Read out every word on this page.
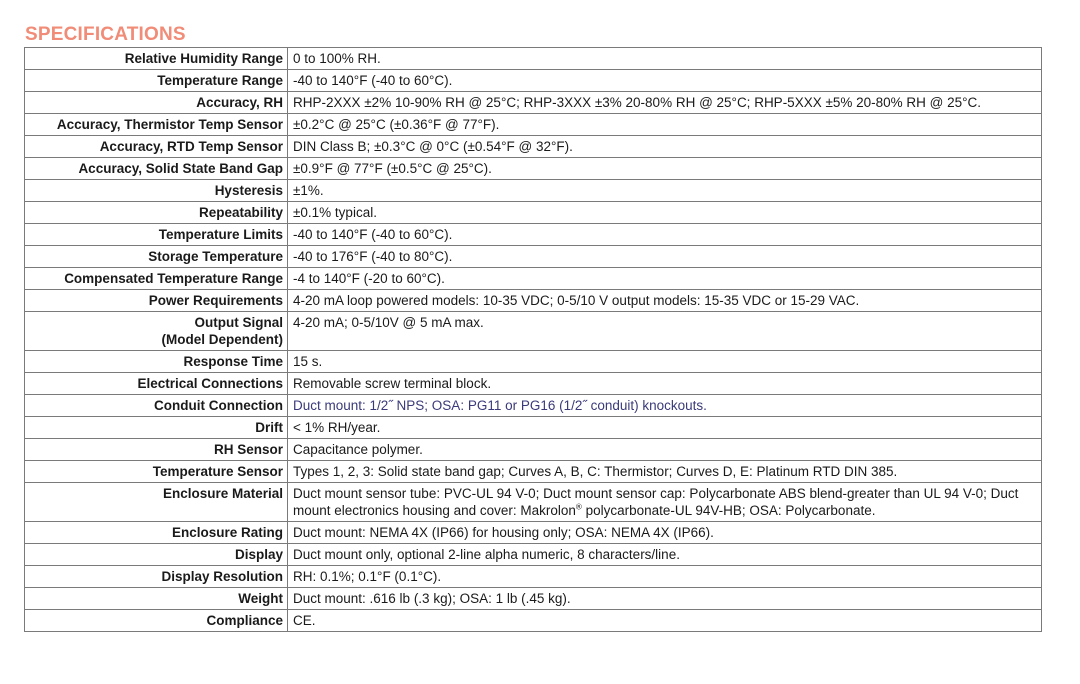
SPECIFICATIONS
Relative Humidity Range	0 to 100% RH.
Temperature Range	-40 to 140°F (-40 to 60°C).
Accuracy, RH	RHP-2XXX ±2% 10-90% RH @ 25°C; RHP-3XXX ±3% 20-80% RH @ 25°C; RHP-5XXX ±5% 20-80% RH @ 25°C.
Accuracy, Thermistor Temp Sensor	±0.2°C @ 25°C (±0.36°F @ 77°F).
Accuracy, RTD Temp Sensor	DIN Class B; ±0.3°C @ 0°C (±0.54°F @ 32°F).
Accuracy, Solid State Band Gap	±0.9°F @ 77°F (±0.5°C @ 25°C).
Hysteresis	±1%.
Repeatability	±0.1% typical.
Temperature Limits	-40 to 140°F (-40 to 60°C).
Storage Temperature	-40 to 176°F (-40 to 80°C).
Compensated Temperature Range	-4 to 140°F (-20 to 60°C).
Power Requirements	4-20 mA loop powered models: 10-35 VDC; 0-5/10 V output models: 15-35 VDC or 15-29 VAC.
Output Signal
(Model Dependent)	4-20 mA; 0-5/10V @ 5 mA max.
Response Time	15 s.
Electrical Connections	Removable screw terminal block.
Conduit Connection	Duct mount: 1/2˝ NPS; OSA: PG11 or PG16 (1/2˝ conduit) knockouts.
Drift	< 1% RH/year.
RH Sensor	Capacitance polymer.
Temperature Sensor	Types 1, 2, 3: Solid state band gap; Curves A, B, C: Thermistor; Curves D, E: Platinum RTD DIN 385.
Enclosure Material	Duct mount sensor tube: PVC-UL 94 V-0; Duct mount sensor cap: Polycarbonate ABS blend-greater than UL 94 V-0; Duct mount electronics housing and cover: Makrolon® polycarbonate-UL 94V-HB; OSA: Polycarbonate.
Enclosure Rating	Duct mount: NEMA 4X (IP66) for housing only; OSA: NEMA 4X (IP66).
Display	Duct mount only, optional 2-line alpha numeric, 8 characters/line.
Display Resolution	RH: 0.1%; 0.1°F (0.1°C).
Weight	Duct mount: .616 lb (.3 kg); OSA: 1 lb (.45 kg).
Compliance	CE.
